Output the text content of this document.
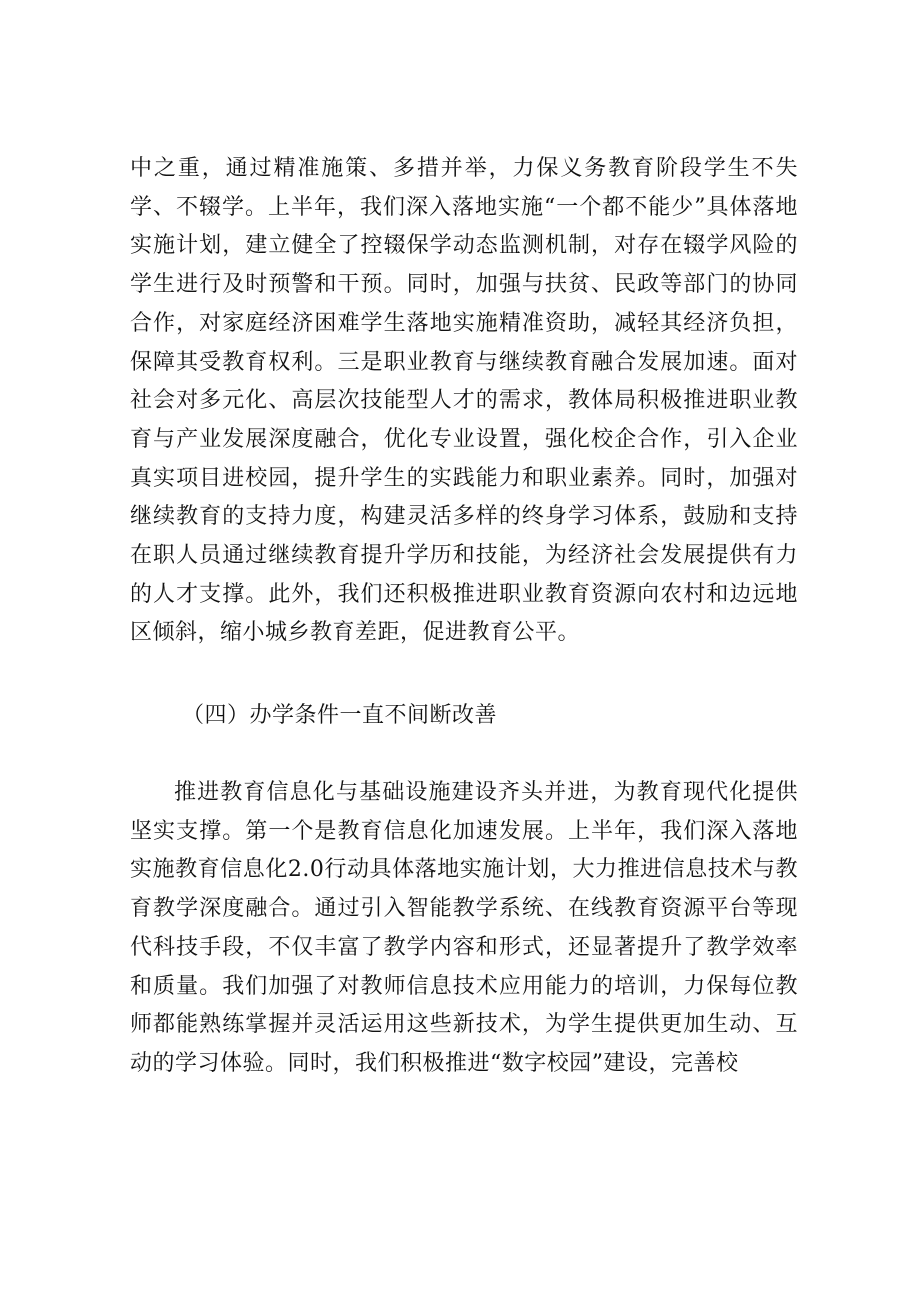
中之重，通过精准施策、多措并举，力保义务教育阶段学生不失学、不辍学。上半年，我们深入落地实施“一个都不能少”具体落地实施计划，建立健全了控辍保学动态监测机制，对存在辍学风险的学生进行及时预警和干预。同时，加强与扶贫、民政等部门的协同合作，对家庭经济困难学生落地实施精准资助，减轻其经济负担，保障其受教育权利。三是职业教育与继续教育融合发展加速。面对社会对多元化、高层次技能型人才的需求，教体局积极推进职业教育与产业发展深度融合，优化专业设置，强化校企合作，引入企业真实项目进校园，提升学生的实践能力和职业素养。同时，加强对继续教育的支持力度，构建灵活多样的终身学习体系，鼓励和支持在职人员通过继续教育提升学历和技能，为经济社会发展提供有力的人才支撑。此外，我们还积极推进职业教育资源向农村和边远地区倾斜，缩小城乡教育差距，促进教育公平。

（四）办学条件一直不间断改善

推进教育信息化与基础设施建设齐头并进，为教育现代化提供坚实支撑。第一个是教育信息化加速发展。上半年，我们深入落地实施教育信息化2.0行动具体落地实施计划，大力推进信息技术与教育教学深度融合。通过引入智能教学系统、在线教育资源平台等现代科技手段，不仅丰富了教学内容和形式，还显著提升了教学效率和质量。我们加强了对教师信息技术应用能力的培训，力保每位教师都能熟练掌握并灵活运用这些新技术，为学生提供更加生动、互动的学习体验。同时，我们积极推进“数字校园”建设，完善校
